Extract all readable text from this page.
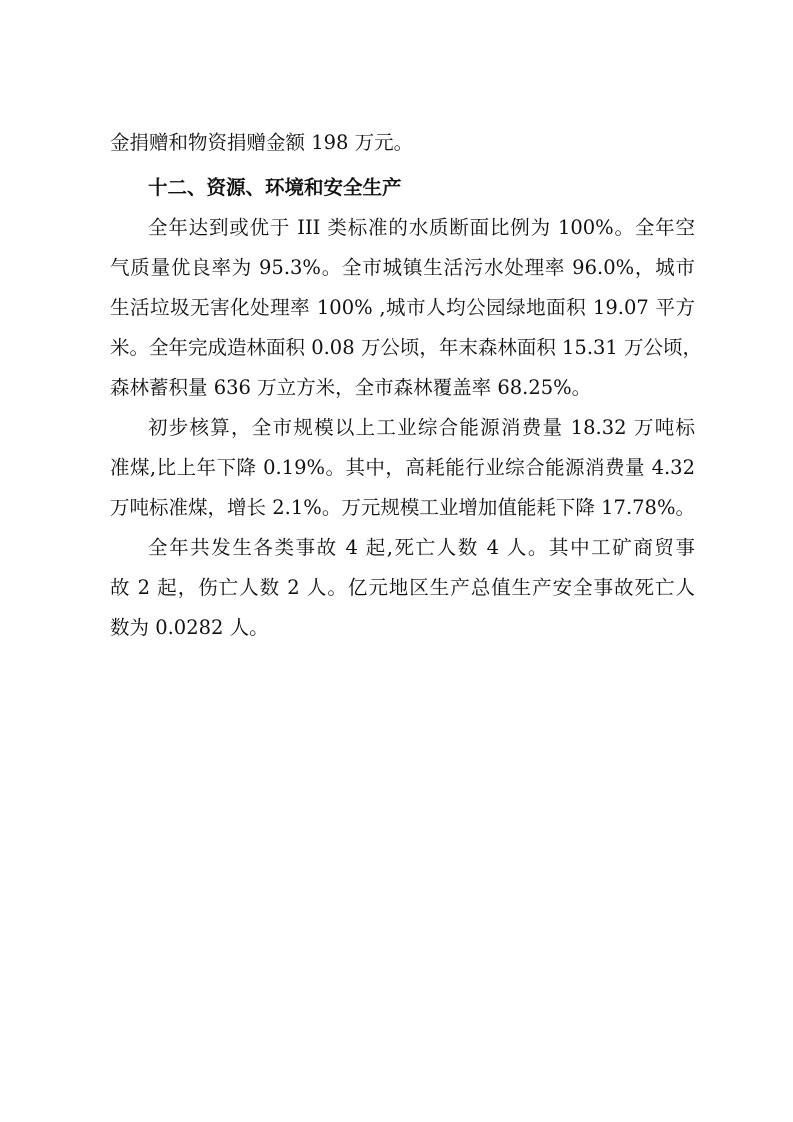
金捐赠和物资捐赠金额 198 万元。
十二、资源、环境和安全生产
全年达到或优于 III 类标准的水质断面比例为 100%。全年空
气质量优良率为 95.3%。全市城镇生活污水处理率 96.0%，城市
生活垃圾无害化处理率 100% ,城市人均公园绿地面积 19.07 平方
米。全年完成造林面积 0.08 万公顷，年末森林面积 15.31 万公顷，
森林蓄积量 636 万立方米，全市森林覆盖率 68.25%。
初步核算，全市规模以上工业综合能源消费量 18.32 万吨标
准煤,比上年下降 0.19%。其中，高耗能行业综合能源消费量 4.32
万吨标准煤，增长 2.1%。万元规模工业增加值能耗下降 17.78%。
全年共发生各类事故 4 起,死亡人数 4 人。其中工矿商贸事
故 2 起，伤亡人数 2 人。亿元地区生产总值生产安全事故死亡人
数为 0.0282 人。
